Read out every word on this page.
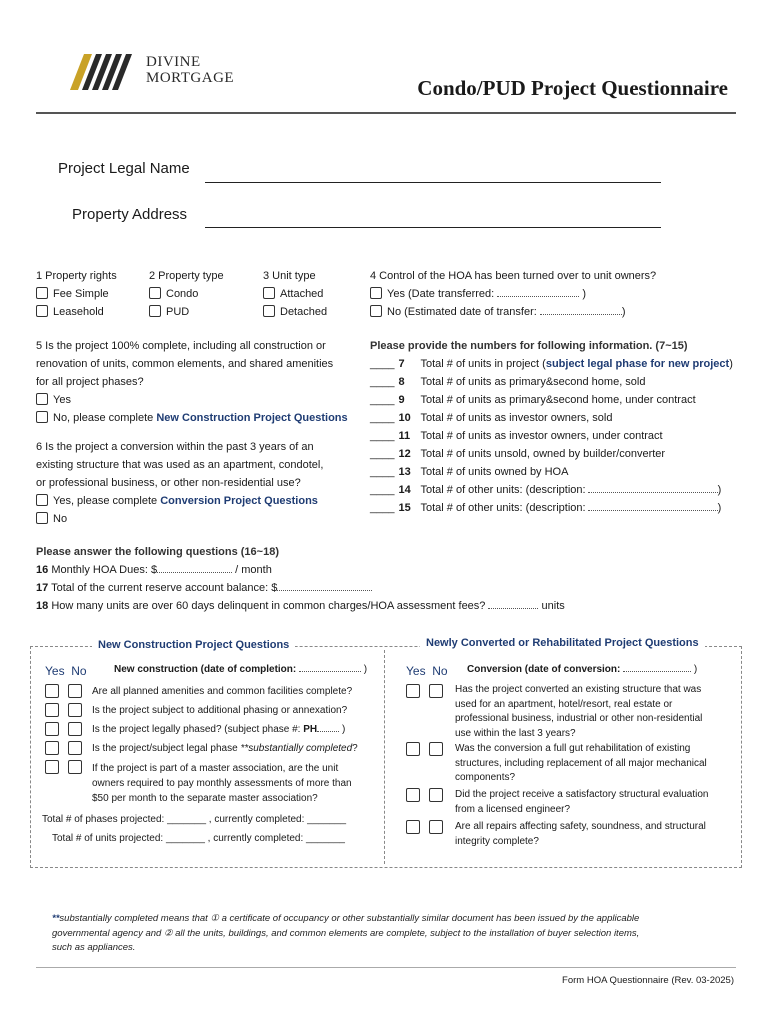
DIVINE
MORTGAGE	Condo/PUD Project Questionnaire
Project Legal Name
Property Address
1 Property rights
Fee Simple
Leasehold
2 Property type
Condo
PUD
3 Unit type
Attached
Detached
4 Control of the HOA has been turned over to unit owners?
Yes (Date transferred:	)
No (Estimated date of transfer:	)
5 Is the project 100% complete, including all construction or
renovation of units, common elements, and shared amenities
for all project phases?
Yes
No, please complete New Construction Project Questions
6 Is the project a conversion within the past 3 years of an
existing structure that was used as an apartment, condotel,
or professional business, or other non-residential use?
Yes, please complete Conversion Project Questions
No
Please provide the numbers for following information. (7~15)
____ 7 Total # of units in project (subject legal phase for new project)
____ 8 Total # of units as primary&second home, sold
____ 9 Total # of units as primary&second home, under contract
____ 10 Total # of units as investor owners, sold
____ 11 Total # of units as investor owners, under contract
____ 12 Total # of units unsold, owned by builder/converter
____ 13 Total # of units owned by HOA
____ 14 Total # of other units: (description:	)
____ 15 Total # of other units: (description:	)
Please answer the following questions (16~18)
16 Monthly HOA Dues: $	/ month
17 Total of the current reserve account balance: $
18 How many units are over 60 days delinquent in common charges/HOA assessment fees?	units
New Construction Project Questions	Newly Converted or Rehabilitated Project Questions
Yes No	New construction (date of completion:	)
Are all planned amenities and common facilities complete?
Is the project subject to additional phasing or annexation?
Is the project legally phased? (subject phase #: PH )
Is the project/subject legal phase **substantially completed?
If the project is part of a master association, are the unit
owners required to pay monthly assessments of more than
$50 per month to the separate master association?
Total # of phases projected: _______ , currently completed: _______
Total # of units projected: _______ , currently completed: _______
Yes No Conversion (date of conversion:	)
Has the project converted an existing structure that was
used for an apartment, hotel/resort, real estate or
professional business, industrial or other non-residential
use within the last 3 years?
Was the conversion a full gut rehabilitation of existing
structures, including replacement of all major mechanical
components?
Did the project receive a satisfactory structural evaluation
from a licensed engineer?
Are all repairs affecting safety, soundness, and structural
integrity complete?
**substantially completed means that ① a certificate of occupancy or other substantially similar document has been issued by the applicable
governmental agency and ② all the units, buildings, and common elements are complete, subject to the installation of buyer selection items,
such as appliances.
Form HOA Questionnaire (Rev. 03-2025)
